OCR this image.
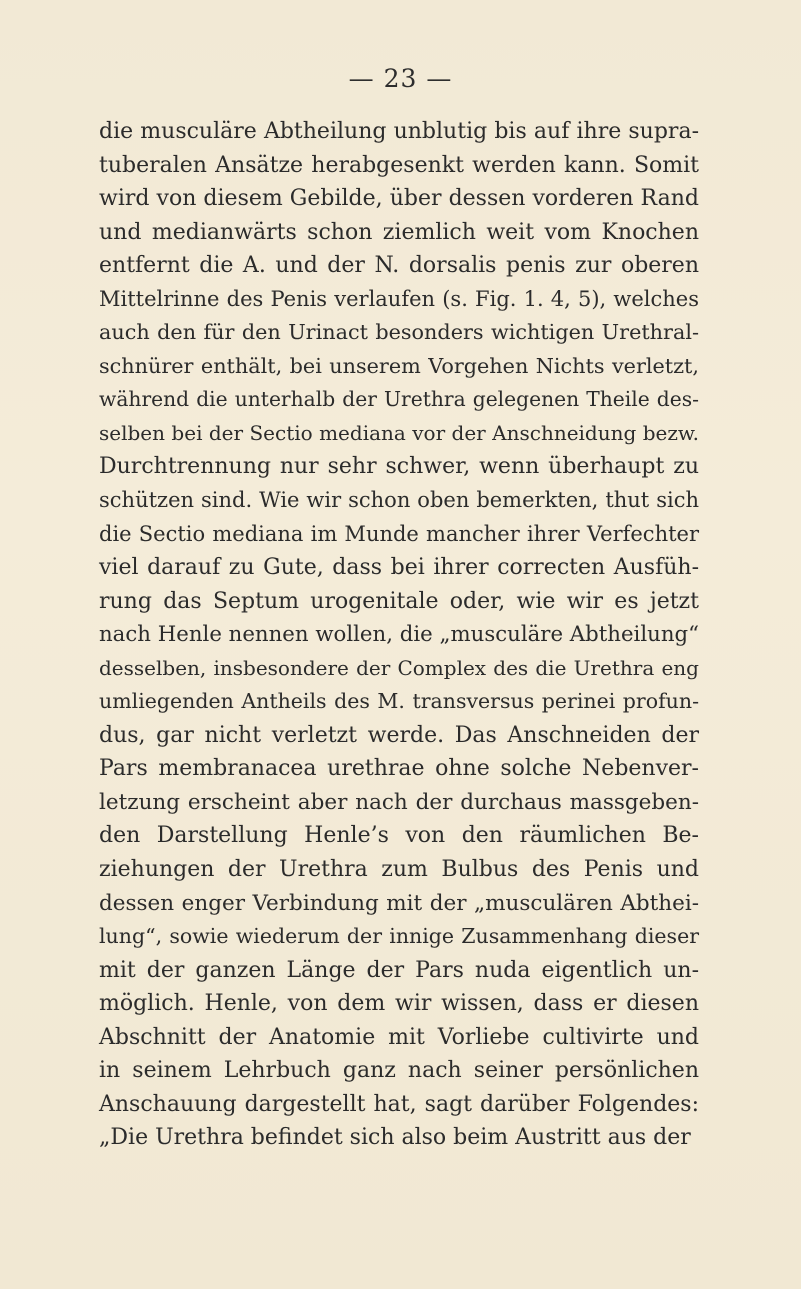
— 23 —
die musculäre Abtheilung unblutig bis auf ihre supra-
tuberalen Ansätze herabgesenkt werden kann. Somit
wird von diesem Gebilde, über dessen vorderen Rand
und medianwärts schon ziemlich weit vom Knochen
entfernt die A. und der N. dorsalis penis zur oberen
Mittelrinne des Penis verlaufen (s. Fig. 1. 4, 5), welches
auch den für den Urinact besonders wichtigen Urethral-
schnürer enthält, bei unserem Vorgehen Nichts verletzt,
während die unterhalb der Urethra gelegenen Theile des-
selben bei der Sectio mediana vor der Anschneidung bezw.
Durchtrennung nur sehr schwer, wenn überhaupt zu
schützen sind. Wie wir schon oben bemerkten, thut sich
die Sectio mediana im Munde mancher ihrer Verfechter
viel darauf zu Gute, dass bei ihrer correcten Ausfüh-
rung das Septum urogenitale oder, wie wir es jetzt
nach Henle nennen wollen, die „musculäre Abtheilung“
desselben, insbesondere der Complex des die Urethra eng
umliegenden Antheils des M. transversus perinei profun-
dus, gar nicht verletzt werde. Das Anschneiden der
Pars membranacea urethrae ohne solche Nebenver-
letzung erscheint aber nach der durchaus massgeben-
den Darstellung Henle’s von den räumlichen Be-
ziehungen der Urethra zum Bulbus des Penis und
dessen enger Verbindung mit der „musculären Abthei-
lung“, sowie wiederum der innige Zusammenhang dieser
mit der ganzen Länge der Pars nuda eigentlich un-
möglich. Henle, von dem wir wissen, dass er diesen
Abschnitt der Anatomie mit Vorliebe cultivirte und
in seinem Lehrbuch ganz nach seiner persönlichen
Anschauung dargestellt hat, sagt darüber Folgendes:
„Die Urethra befindet sich also beim Austritt aus der
